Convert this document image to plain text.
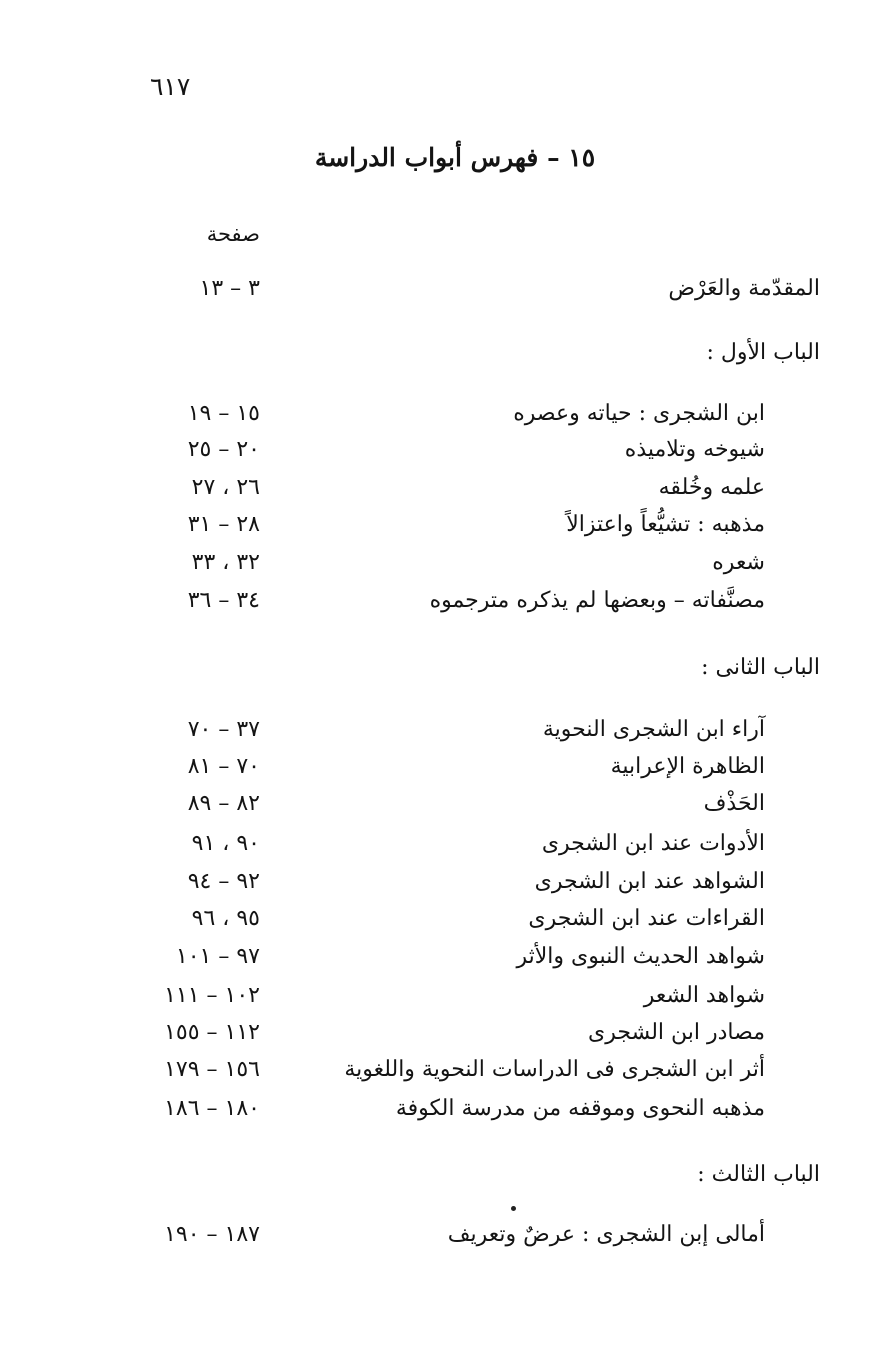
٦١٧
١٥ – فهرس أبواب الدراسة
صفحة
المقدّمة والعَرْض
٣ – ١٣
الباب الأول :
ابن الشجرى : حياته وعصره
١٥ – ١٩
شيوخه وتلاميذه
٢٠ – ٢٥
علمه وخُلقه
٢٦ ، ٢٧
مذهبه : تشيُّعاً واعتزالاً
٢٨ – ٣١
شعره
٣٢ ، ٣٣
مصنَّفاته – وبعضها لم يذكره مترجموه
٣٤ – ٣٦
الباب الثانى :
آراء ابن الشجرى النحوية
٣٧ – ٧٠
الظاهرة الإعرابية
٧٠ – ٨١
الحَذْف
٨٢ – ٨٩
الأدوات عند ابن الشجرى
٩٠ ، ٩١
الشواهد عند ابن الشجرى
٩٢ – ٩٤
القراءات عند ابن الشجرى
٩٥ ، ٩٦
شواهد الحديث النبوى والأثر
٩٧ – ١٠١
شواهد الشعر
١٠٢ – ١١١
مصادر ابن الشجرى
١١٢ – ١٥٥
أثر ابن الشجرى فى الدراسات النحوية واللغوية
١٥٦ – ١٧٩
مذهبه النحوى وموقفه من مدرسة الكوفة
١٨٠ – ١٨٦
الباب الثالث :
أمالى إبن الشجرى : عرضٌ وتعريف
١٨٧ – ١٩٠
